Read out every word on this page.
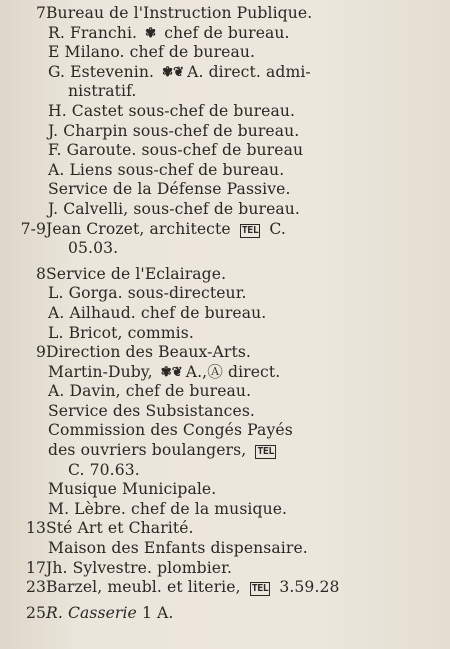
7 Bureau de l'Instruction Publique.
R. Franchi. ✾ chef de bureau.
E Milano. chef de bureau.
G. Estevenin. ✾❦ A. direct. admi-
nistratif.
H. Castet sous-chef de bureau.
J. Charpin sous-chef de bureau.
F. Garoute. sous-chef de bureau
A. Liens sous-chef de bureau.
Service de la Défense Passive.
J. Calvelli, sous-chef de bureau.
7-9 Jean Crozet, architecte TEL C.
05.03.
8 Service de l'Eclairage.
L. Gorga. sous-directeur.
A. Ailhaud. chef de bureau.
L. Bricot, commis.
9 Direction des Beaux-Arts.
Martin-Duby, ✾❦ A.,Ⓐ direct.
A. Davin, chef de bureau.
Service des Subsistances.
Commission des Congés Payés
des ouvriers boulangers, TEL
C. 70.63.
Musique Municipale.
M. Lèbre. chef de la musique.
13 Sté Art et Charité.
Maison des Enfants dispensaire.
17 Jh. Sylvestre. plombier.
23 Barzel, meubl. et literie, TEL 3.59.28
25 R. Casserie 1 A.
